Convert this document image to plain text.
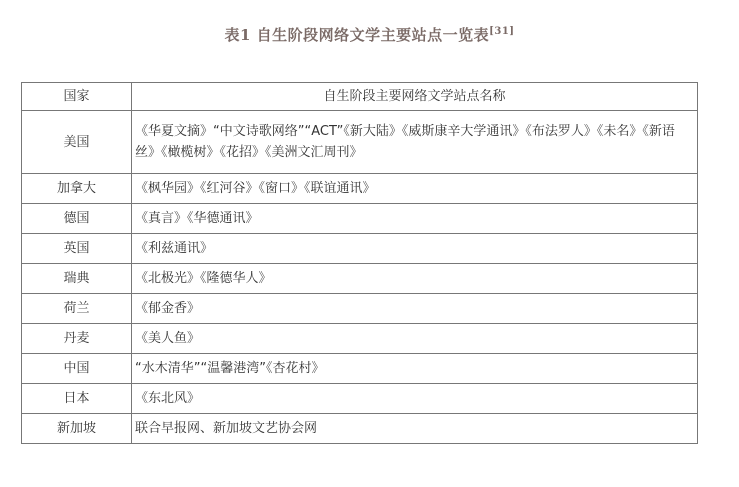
表1 自生阶段网络文学主要站点一览表[31]
国家	自生阶段主要网络文学站点名称
美国	《华夏文摘》“中文诗歌网络”“ACT”《新大陆》《威斯康辛大学通讯》《布法罗人》《未名》《新语丝》《橄榄树》《花招》《美洲文汇周刊》
加拿大	《枫华园》《红河谷》《窗口》《联谊通讯》
德国	《真言》《华德通讯》
英国	《利兹通讯》
瑞典	《北极光》《隆德华人》
荷兰	《郁金香》
丹麦	《美人鱼》
中国	“水木清华”“温馨港湾”《杏花村》
日本	《东北风》
新加坡	联合早报网、新加坡文艺协会网
